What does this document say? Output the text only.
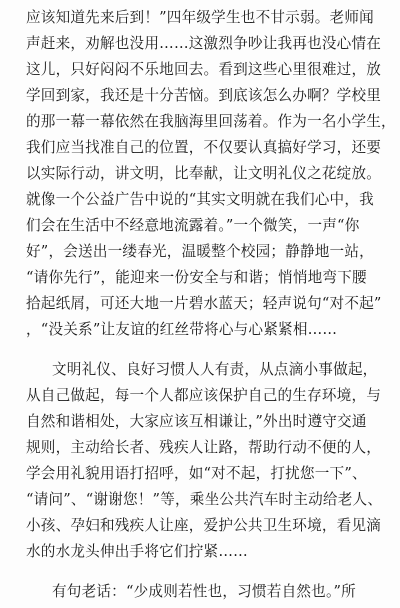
应该知道先来后到！”四年级学生也不甘示弱。老师闻
声赶来，劝解也没用……这激烈争吵让我再也没心情在
这儿，只好闷闷不乐地回去。看到这些心里很难过，放
学回到家，我还是十分苦恼。到底该怎么办啊？学校里
的那一幕一幕依然在我脑海里回荡着。作为一名小学生，
我们应当找准自己的位置，不仅要认真搞好学习，还要
以实际行动，讲文明，比奉献，让文明礼仪之花绽放。
就像一个公益广告中说的“其实文明就在我们心中，我
们会在生活中不经意地流露着。”一个微笑，一声“你
好”，会送出一缕春光，温暖整个校园；静静地一站，
“请你先行”，能迎来一份安全与和谐；悄悄地弯下腰
拾起纸屑，可还大地一片碧水蓝天；轻声说句“对不起”
，“没关系”让友谊的红丝带将心与心紧紧相……
文明礼仪、良好习惯人人有责，从点滴小事做起，
从自己做起，每一个人都应该保护自己的生存环境，与
自然和谐相处，大家应该互相谦让，”外出时遵守交通
规则，主动给长者、残疾人让路，帮助行动不便的人，
学会用礼貌用语打招呼，如“对不起，打扰您一下”、
“请问”、“谢谢您！”等，乘坐公共汽车时主动给老人、
小孩、孕妇和残疾人让座，爱护公共卫生环境，看见滴
水的水龙头伸出手将它们拧紧……
有句老话：“少成则若性也，习惯若自然也。”所
